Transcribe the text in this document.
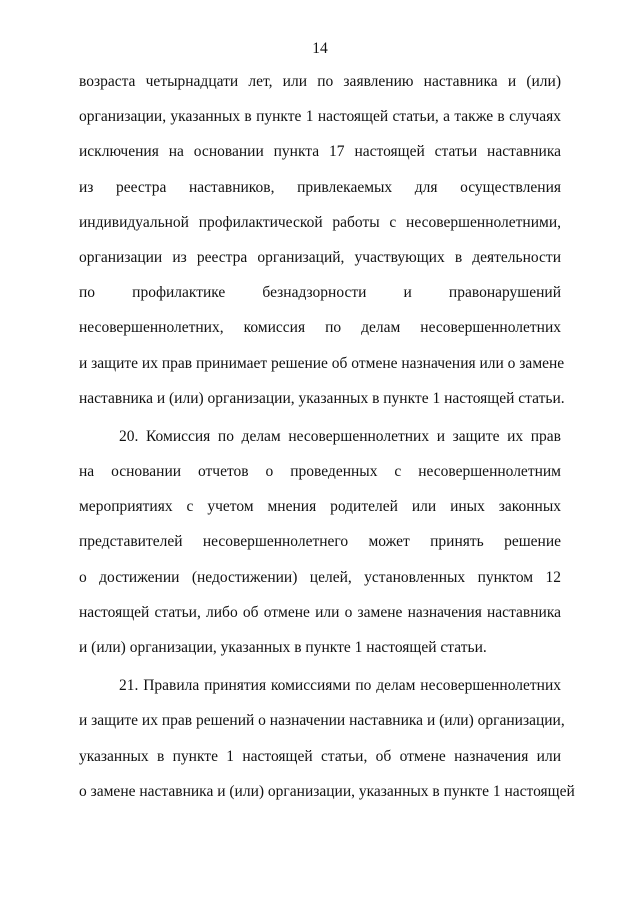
14
возраста четырнадцати лет, или по заявлению наставника и (или)
организации, указанных в пункте 1 настоящей статьи, а также в случаях
исключения на основании пункта 17 настоящей статьи наставника
из реестра наставников, привлекаемых для осуществления
индивидуальной профилактической работы с несовершеннолетними,
организации из реестра организаций, участвующих в деятельности
по профилактике безнадзорности и правонарушений
несовершеннолетних, комиссия по делам несовершеннолетних
и защите их прав принимает решение об отмене назначения или о замене
наставника и (или) организации, указанных в пункте 1 настоящей статьи.
20. Комиссия по делам несовершеннолетних и защите их прав
на основании отчетов о проведенных с несовершеннолетним
мероприятиях с учетом мнения родителей или иных законных
представителей несовершеннолетнего может принять решение
о достижении (недостижении) целей, установленных пунктом 12
настоящей статьи, либо об отмене или о замене назначения наставника
и (или) организации, указанных в пункте 1 настоящей статьи.
21. Правила принятия комиссиями по делам несовершеннолетних
и защите их прав решений о назначении наставника и (или) организации,
указанных в пункте 1 настоящей статьи, об отмене назначения или
о замене наставника и (или) организации, указанных в пункте 1 настоящей
